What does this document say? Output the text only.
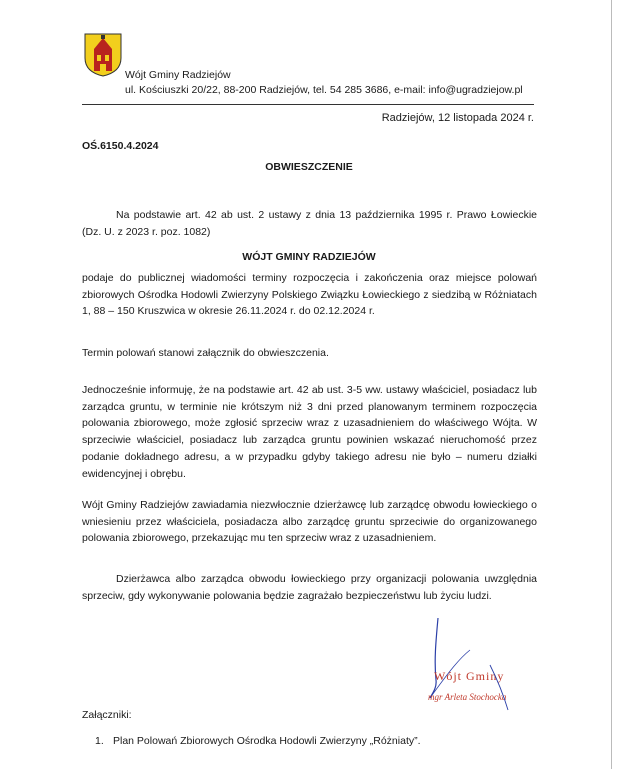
Wójt Gminy Radziejów
ul. Kościuszki 20/22, 88-200 Radziejów, tel. 54 285 3686, e-mail: info@ugradziejow.pl
Radziejów, 12 listopada 2024 r.
OŚ.6150.4.2024
OBWIESZCZENIE
Na podstawie art. 42 ab ust. 2 ustawy z dnia 13 października 1995 r. Prawo Łowieckie (Dz. U. z 2023 r. poz. 1082)
WÓJT GMINY RADZIEJÓW
podaje do publicznej wiadomości terminy rozpoczęcia i zakończenia oraz miejsce polowań zbiorowych Ośrodka Hodowli Zwierzyny Polskiego Związku Łowieckiego z siedzibą w Różniatach 1, 88 – 150 Kruszwica w okresie 26.11.2024 r. do 02.12.2024 r.
Termin polowań stanowi załącznik do obwieszczenia.
Jednocześnie informuję, że na podstawie art. 42 ab ust. 3-5 ww. ustawy właściciel, posiadacz lub zarządca gruntu, w terminie nie krótszym niż 3 dni przed planowanym terminem rozpoczęcia polowania zbiorowego, może zgłosić sprzeciw wraz z uzasadnieniem do właściwego Wójta. W sprzeciwie właściciel, posiadacz lub zarządca gruntu powinien wskazać nieruchomość przez podanie dokładnego adresu, a w przypadku gdyby takiego adresu nie było – numeru działki ewidencyjnej i obrębu.
Wójt Gminy Radziejów zawiadamia niezwłocznie dzierżawcę lub zarządcę obwodu łowieckiego o wniesieniu przez właściciela, posiadacza albo zarządcę gruntu sprzeciwie do organizowanego polowania zbiorowego, przekazując mu ten sprzeciw wraz z uzasadnieniem.
Dzierżawca albo zarządca obwodu łowieckiego przy organizacji polowania uwzględnia sprzeciw, gdy wykonywanie polowania będzie zagrażało bezpieczeństwu lub życiu ludzi.
Wójt Gminy
mgr Arleta Stochocka
Załączniki:
1. Plan Polowań Zbiorowych Ośrodka Hodowli Zwierzyny „Różniaty”.
